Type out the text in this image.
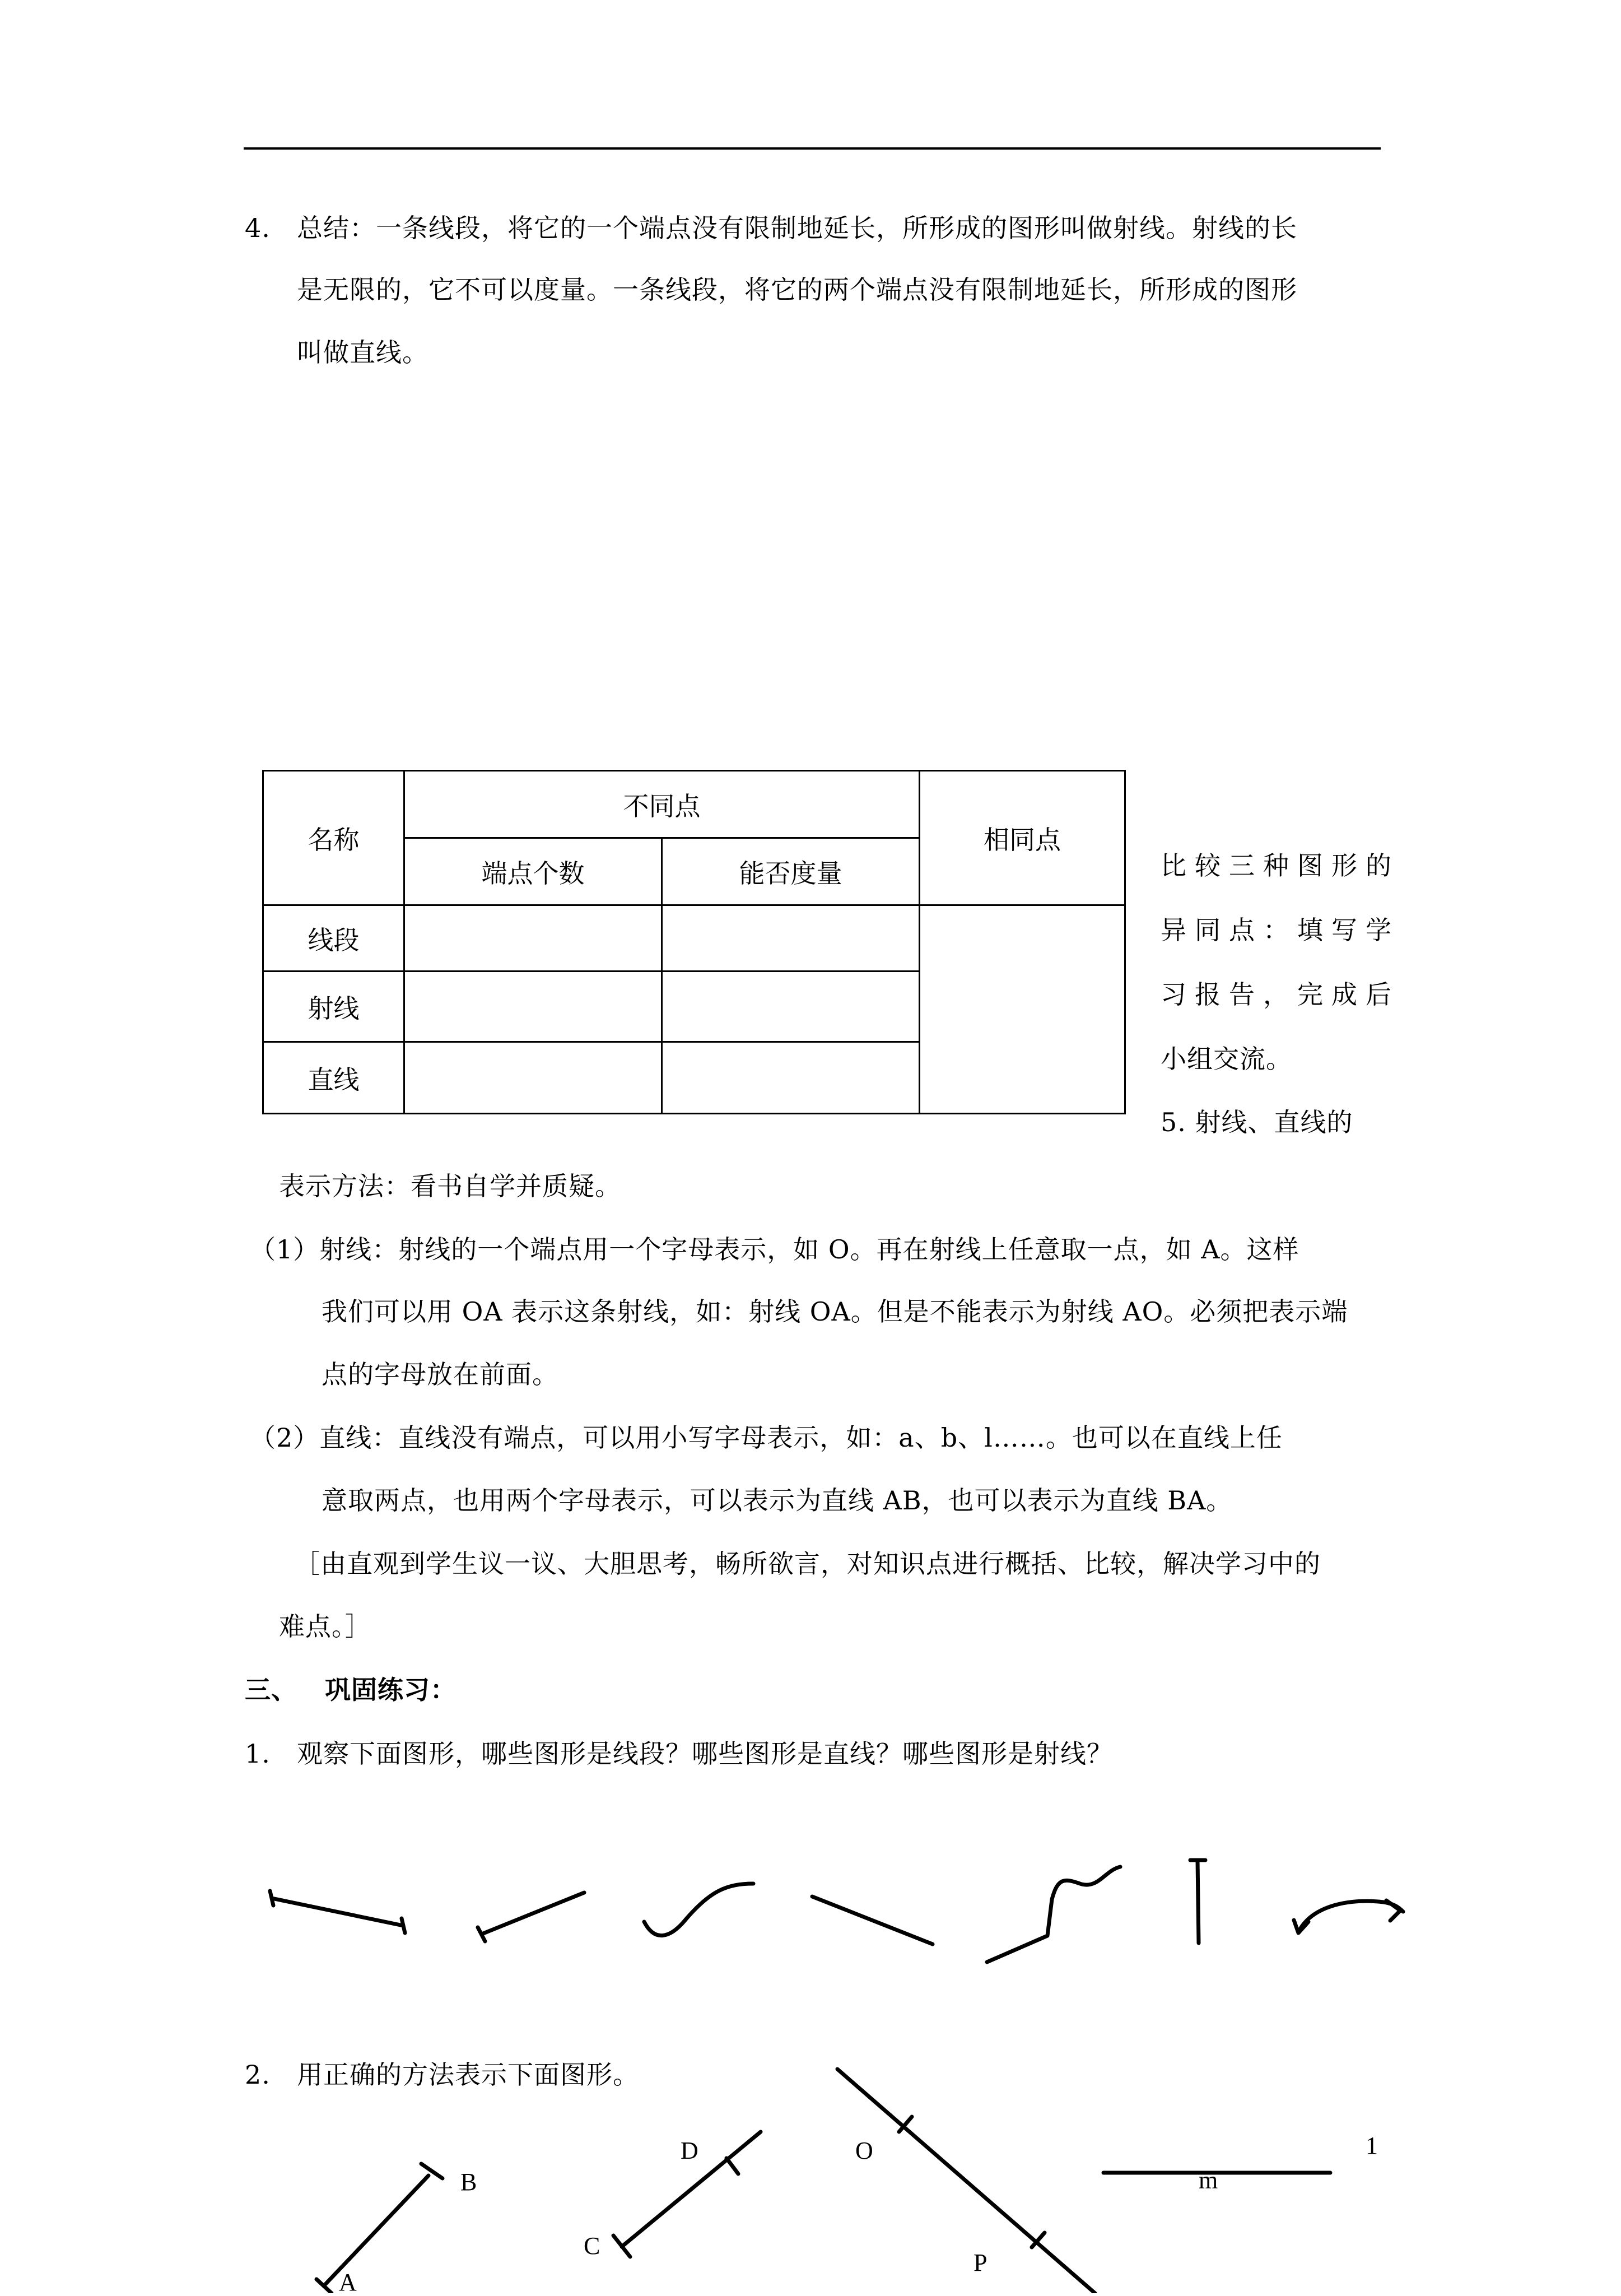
4. 总结：一条线段，将它的一个端点没有限制地延长，所形成的图形叫做射线。射线的长
是无限的，它不可以度量。一条线段，将它的两个端点没有限制地延长，所形成的图形
叫做直线。
名称	不同点		相同点
	端点个数	能否度量	
线段			
射线			
直线			
比较三种图形的
异同点：填写学
习报告，完成后
小组交流。
5. 射线、直线的
表示方法：看书自学并质疑。
（1）射线：射线的一个端点用一个字母表示，如 O。再在射线上任意取一点，如 A。这样
我们可以用 OA 表示这条射线，如：射线 OA。但是不能表示为射线 AO。必须把表示端
点的字母放在前面。
（2）直线：直线没有端点，可以用小写字母表示，如：a、b、l……。也可以在直线上任
意取两点，也用两个字母表示，可以表示为直线 AB，也可以表示为直线 BA。
［由直观到学生议一议、大胆思考，畅所欲言，对知识点进行概括、比较，解决学习中的
难点。］
三、 巩固练习：
1. 观察下面图形，哪些图形是线段？哪些图形是直线？哪些图形是射线？
2. 用正确的方法表示下面图形。
A
B
C
D	O
P
m
1
